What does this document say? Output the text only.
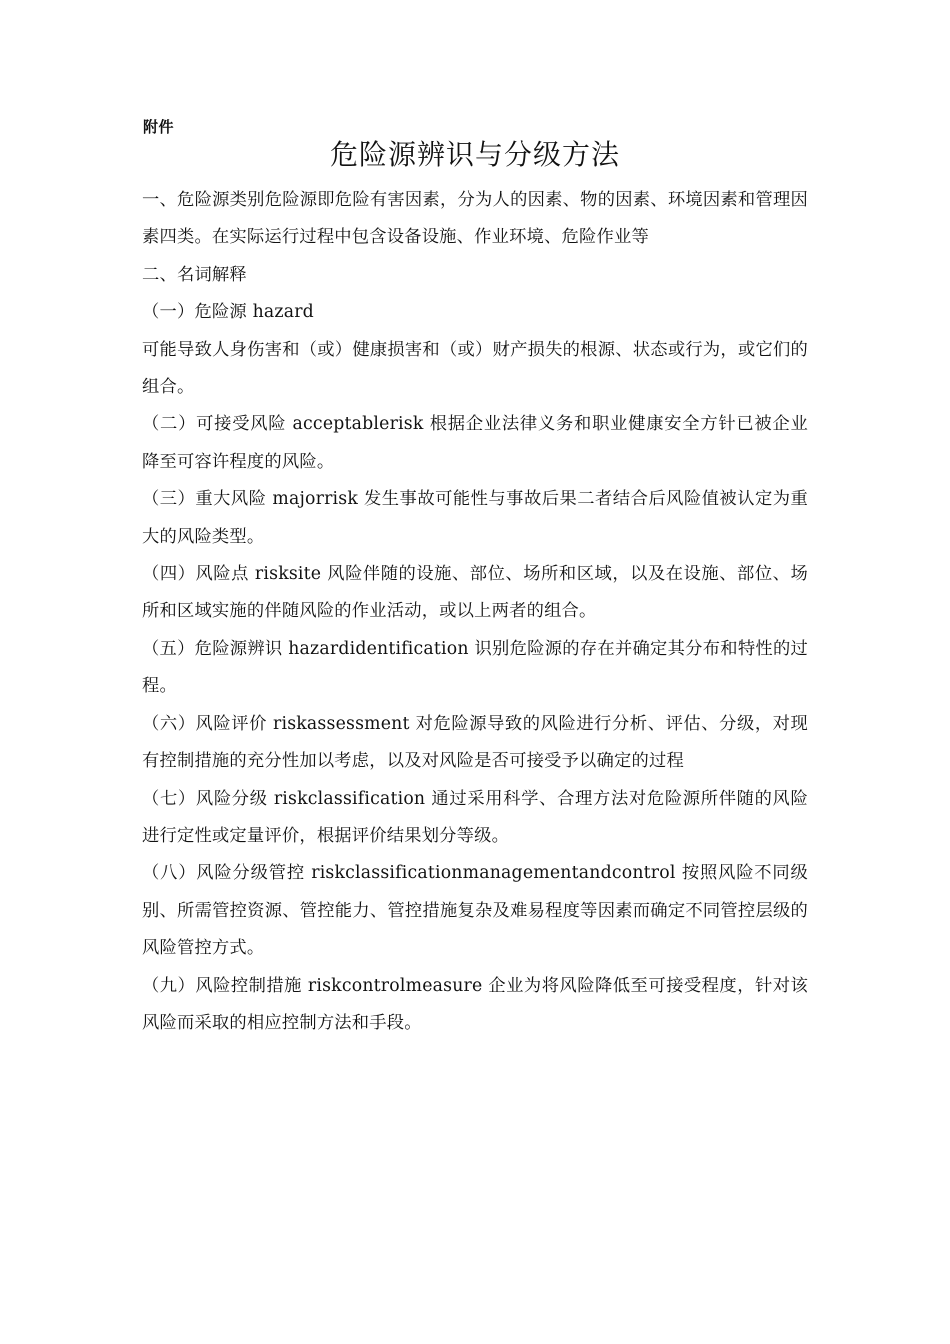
附件
危险源辨识与分级方法

一、危险源类别危险源即危险有害因素，分为人的因素、物的因素、环境因素和管理因素四类。在实际运行过程中包含设备设施、作业环境、危险作业等

二、名词解释

（一）危险源 hazard

可能导致人身伤害和（或）健康损害和（或）财产损失的根源、状态或行为，或它们的组合。

（二）可接受风险 acceptablerisk 根据企业法律义务和职业健康安全方针已被企业降至可容许程度的风险。

（三）重大风险 majorrisk 发生事故可能性与事故后果二者结合后风险值被认定为重大的风险类型。

（四）风险点 risksite 风险伴随的设施、部位、场所和区域，以及在设施、部位、场所和区域实施的伴随风险的作业活动，或以上两者的组合。

（五）危险源辨识 hazardidentification 识别危险源的存在并确定其分布和特性的过程。

（六）风险评价 riskassessment 对危险源导致的风险进行分析、评估、分级，对现有控制措施的充分性加以考虑，以及对风险是否可接受予以确定的过程

（七）风险分级 riskclassification 通过采用科学、合理方法对危险源所伴随的风险进行定性或定量评价，根据评价结果划分等级。

（八）风险分级管控 riskclassificationmanagementandcontrol 按照风险不同级别、所需管控资源、管控能力、管控措施复杂及难易程度等因素而确定不同管控层级的风险管控方式。

（九）风险控制措施 riskcontrolmeasure 企业为将风险降低至可接受程度，针对该风险而采取的相应控制方法和手段。
